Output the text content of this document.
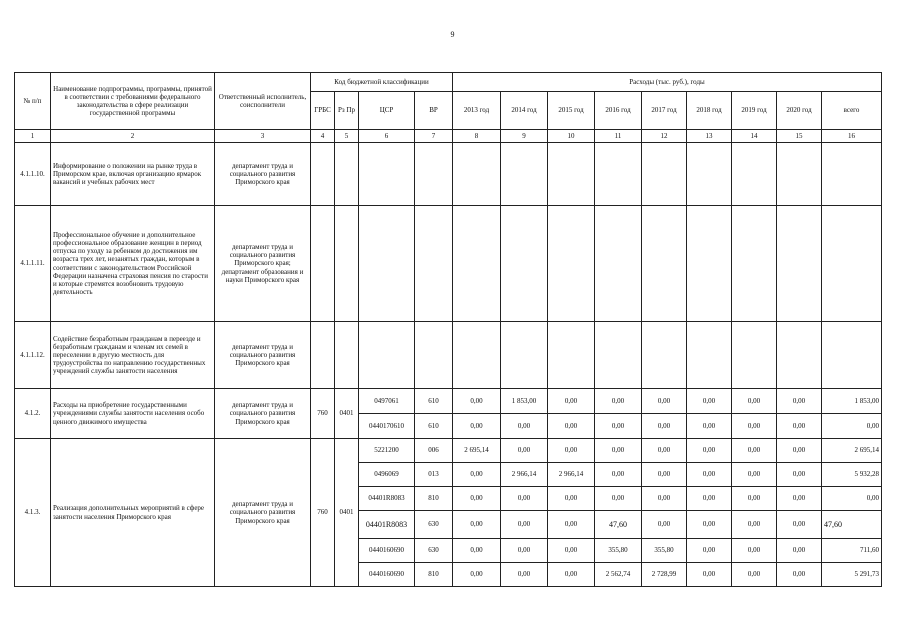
9
№ п/п	Наименование подпрограммы, программы, принятой в соответствии с требованиями федерального законодательства в сфере реализации государственной программы	Ответственный исполнитель, соисполнители	Код бюджетной классификации				Расходы (тыс. руб.), годы								
			ГРБС	Рз Пр	ЦСР	ВР	2013 год	2014 год	2015 год	2016 год	2017 год	2018 год	2019 год	2020 год	всего
1	2	3	4	5	6	7	8	9	10	11	12	13	14	15	16
4.1.1.10.	Информирование о положении на рынке труда в Приморском крае, включая организацию ярмарок вакансий и учебных рабочих мест	департамент труда и социального развития Приморского края													
4.1.1.11.	Профессиональное обучение и дополнительное профессиональное образование женщин в период отпуска по уходу за ребенком до достижения им возраста трех лет, незанятых граждан, которым в соответствии с законодательством Российской Федерации назначена страховая пенсия по старости и которые стремятся возобновить трудовую деятельность	департамент труда и социального развития Приморского края; департамент образования и науки Приморского края													
4.1.1.12.	Содействие безработным гражданам в переезде и безработным гражданам и членам их семей в переселении в другую местность для трудоустройства по направлению государственных учреждений службы занятости населения	департамент труда и социального развития Приморского края													
4.1.2.	Расходы на приобретение государственными учреждениями службы занятости населения особо ценного движимого имущества	департамент труда и социального развития Приморского края	760	0401	0497061	610	0,00	1 853,00	0,00	0,00	0,00	0,00	0,00	0,00	1 853,00
					0440170610	610	0,00	0,00	0,00	0,00	0,00	0,00	0,00	0,00	0,00
4.1.3.	Реализация дополнительных мероприятий в сфере занятости населения Приморского края	департамент труда и социального развития Приморского края	760	0401	5221200	006	2 695,14	0,00	0,00	0,00	0,00	0,00	0,00	0,00	2 695,14
					0496069	013	0,00	2 966,14	2 966,14	0,00	0,00	0,00	0,00	0,00	5 932,28
					04401R8083	810	0,00	0,00	0,00	0,00	0,00	0,00	0,00	0,00	0,00
					04401R8083	630	0,00	0,00	0,00	47,60	0,00	0,00	0,00	0,00	47,60
					0440160690	630	0,00	0,00	0,00	355,80	355,80	0,00	0,00	0,00	711,60
					0440160690	810	0,00	0,00	0,00	2 562,74	2 728,99	0,00	0,00	0,00	5 291,73
